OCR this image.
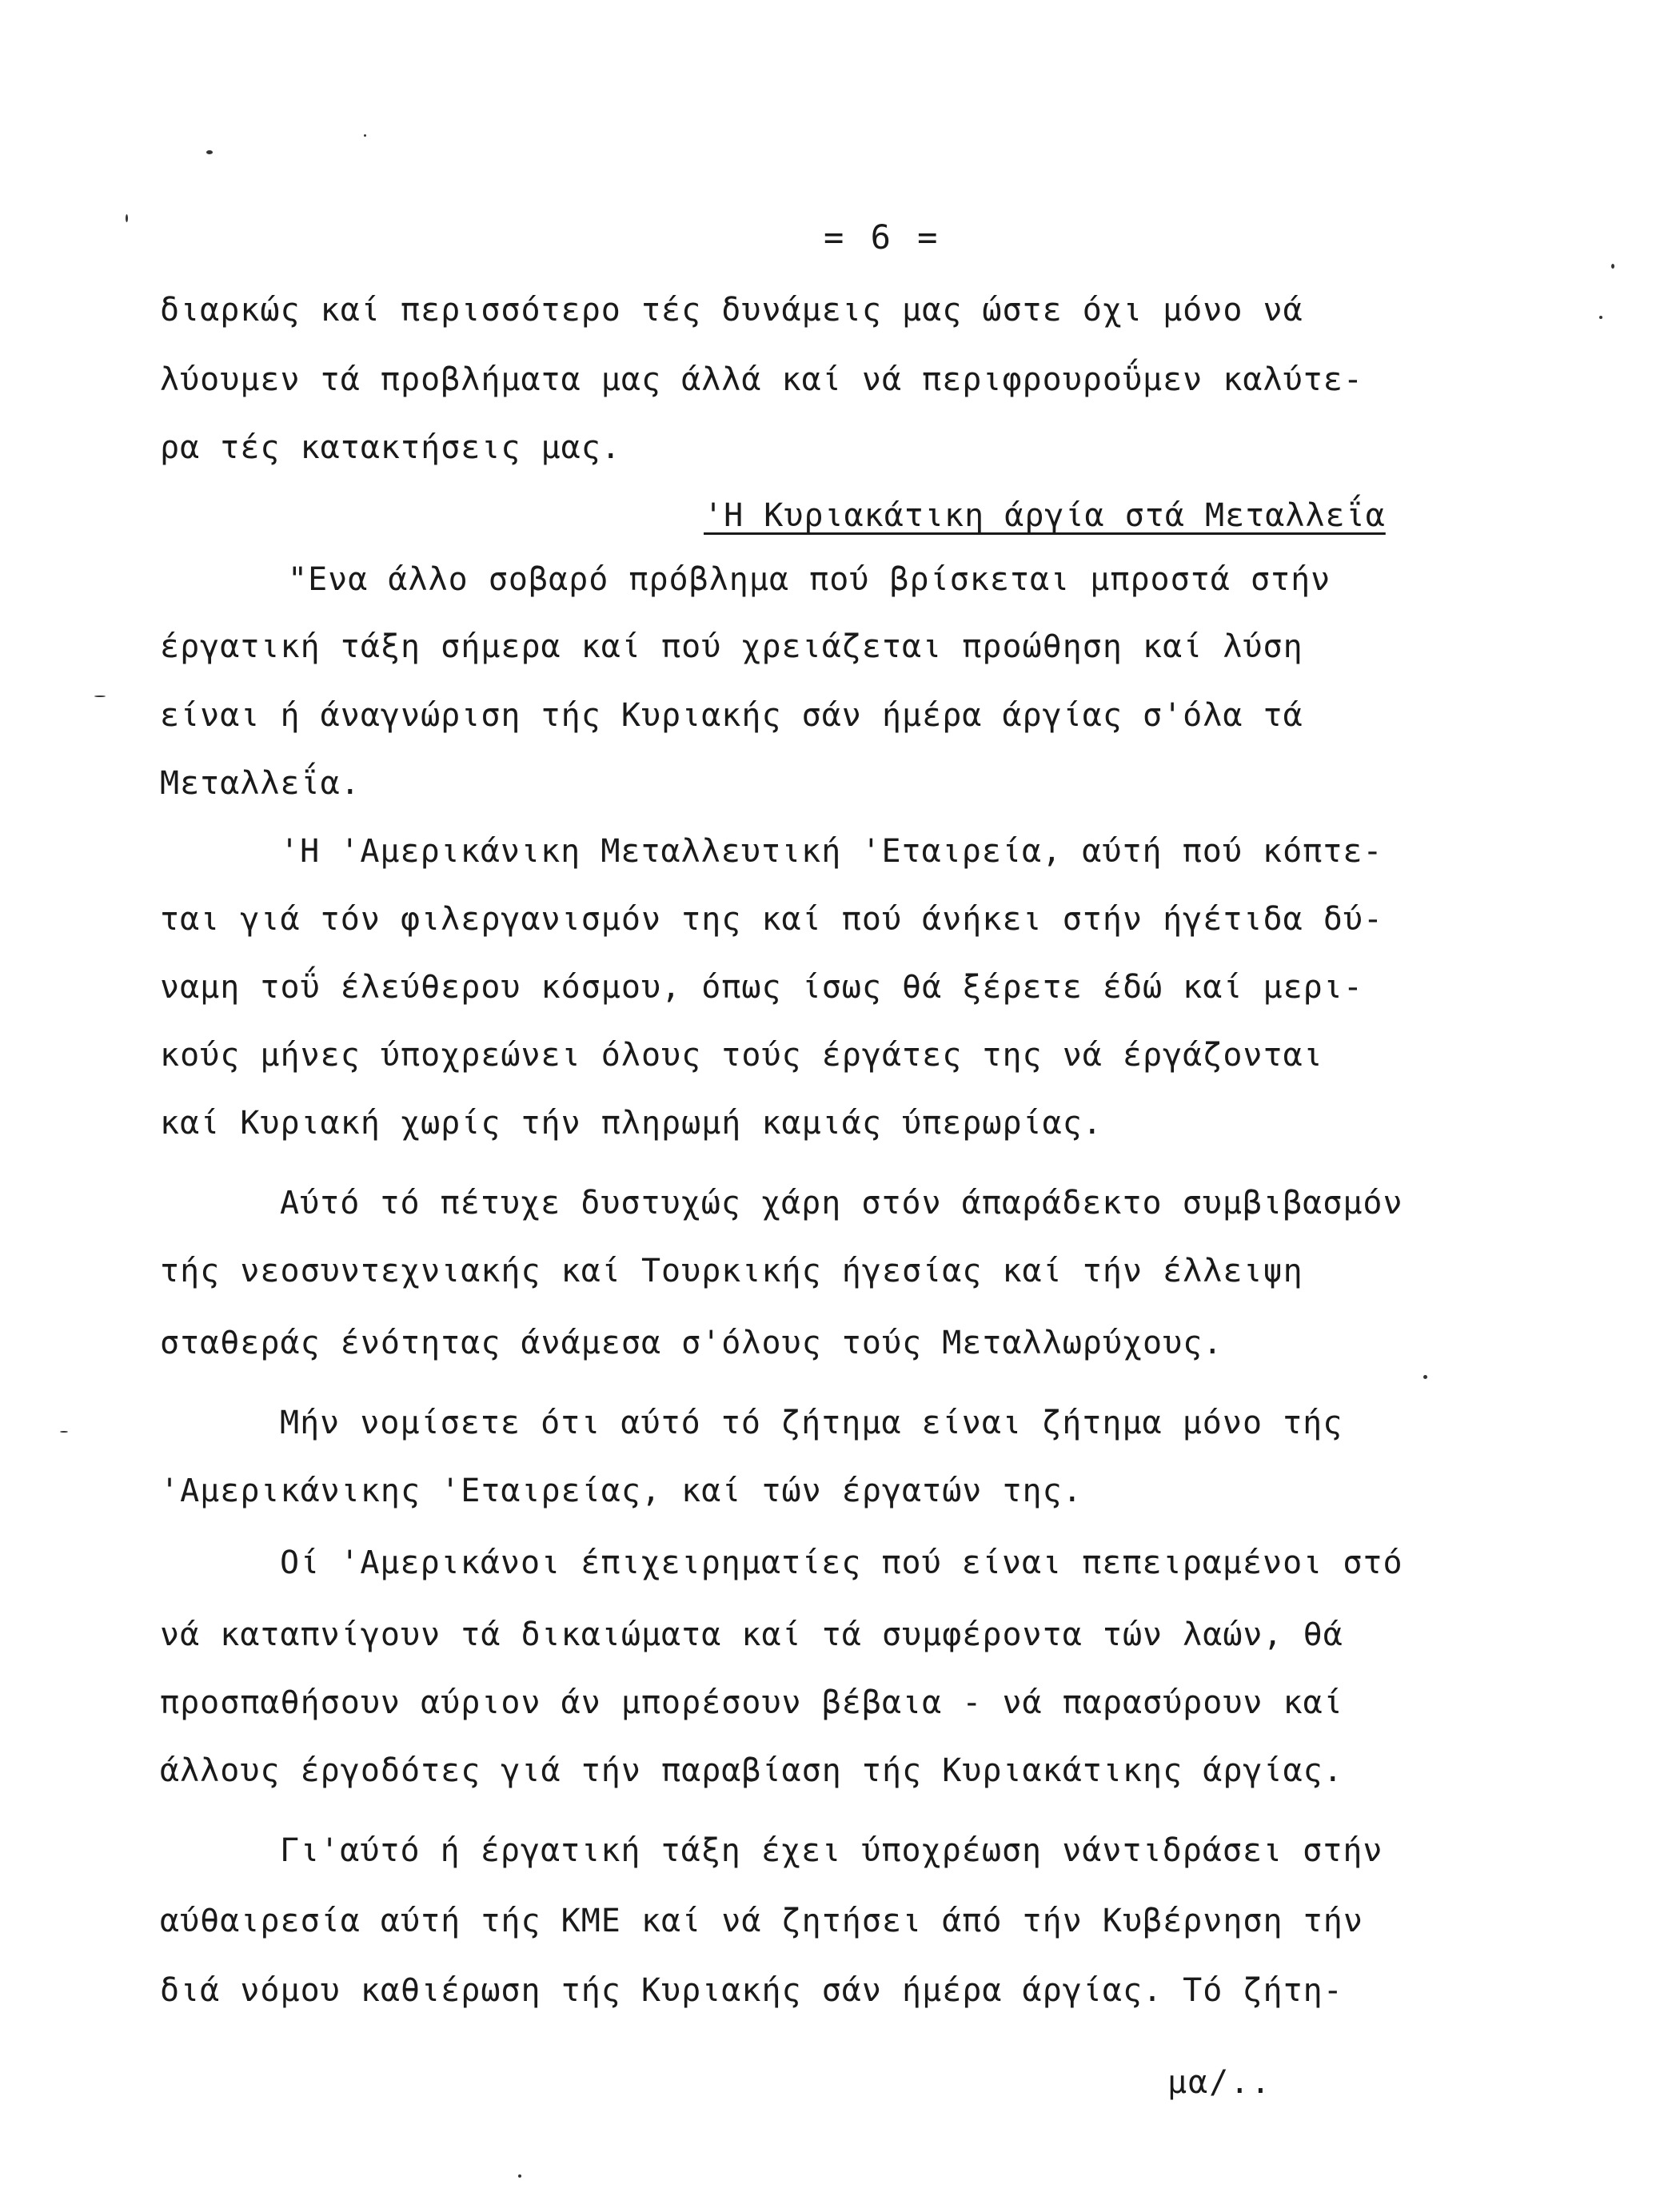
= 6 =
διαρκώς καί περισσότερο τές δυνάμεις μας ώστε όχι μόνο νά
λύουμεν τά προβλήματα μας άλλά καί νά περιφρουροΰμεν καλύτε-
ρα τές κατακτήσεις μας.
'Η Κυριακάτικη άργία στά Μεταλλεΐα
"Ενα άλλο σοβαρό πρόβλημα πού βρίσκεται μπροστά στήν
έργατική τάξη σήμερα καί πού χρειάζεται προώθηση καί λύση
είναι ή άναγνώριση τής Κυριακής σάν ήμέρα άργίας σ'όλα τά
Μεταλλεΐα.
'Η 'Αμερικάνικη Μεταλλευτική 'Εταιρεία, αύτή πού κόπτε-
ται γιά τόν φιλεργανισμόν της καί πού άνήκει στήν ήγέτιδα δύ-
ναμη τοΰ έλεύθερου κόσμου, όπως ίσως θά ξέρετε έδώ καί μερι-
κούς μήνες ύποχρεώνει όλους τούς έργάτες της νά έργάζονται
καί Κυριακή χωρίς τήν πληρωμή καμιάς ύπερωρίας.
Αύτό τό πέτυχε δυστυχώς χάρη στόν άπαράδεκτο συμβιβασμόν
τής νεοσυντεχνιακής καί Τουρκικής ήγεσίας καί τήν έλλειψη
σταθεράς ένότητας άνάμεσα σ'όλους τούς Μεταλλωρύχους.
Μήν νομίσετε ότι αύτό τό ζήτημα είναι ζήτημα μόνο τής
'Αμερικάνικης 'Εταιρείας, καί τών έργατών της.
Οί 'Αμερικάνοι έπιχειρηματίες πού είναι πεπειραμένοι στό
νά καταπνίγουν τά δικαιώματα καί τά συμφέροντα τών λαών, θά
προσπαθήσουν αύριον άν μπορέσουν βέβαια - νά παρασύρουν καί
άλλους έργοδότες γιά τήν παραβίαση τής Κυριακάτικης άργίας.
Γι'αύτό ή έργατική τάξη έχει ύποχρέωση νάντιδράσει στήν
αύθαιρεσία αύτή τής ΚΜΕ καί νά ζητήσει άπό τήν Κυβέρνηση τήν
διά νόμου καθιέρωση τής Κυριακής σάν ήμέρα άργίας. Τό ζήτη-
μα/..
